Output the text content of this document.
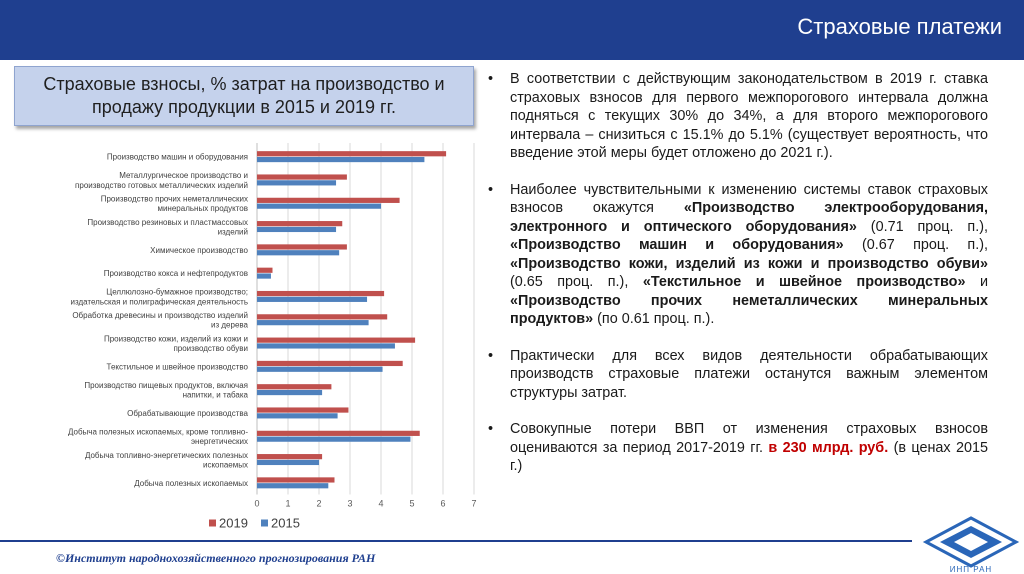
Страховые платежи
Страховые взносы, % затрат на производство и продажу продукции в 2015 и 2019 гг.
Производство машин и оборудования
Металлургическое производство и производство готовых металлических изделий
Производство прочих неметаллических минеральных продуктов
Производство резиновых и пластмассовых изделий
Химическое производство
Производство кокса и нефтепродуктов
Целлюлозно-бумажное производство; издательская и полиграфическая деятельность
Обработка древесины и производство изделий из дерева
Производство кожи, изделий из кожи и производство обуви
Текстильное и швейное производство
Производство пищевых продуктов, включая напитки, и табака
Обрабатывающие производства
Добыча полезных ископаемых, кроме топливно-энергетических
Добыча топливно-энергетических полезных ископаемых
Добыча полезных ископаемых
0	1	2	3	4	5	6	7
2019 2015
• В соответствии с действующим законодательством в 2019 г. ставка страховых взносов для первого межпорогового интервала должна подняться с текущих 30% до 34%, а для второго межпорогового интервала – снизиться с 15.1% до 5.1% (существует вероятность, что введение этой меры будет отложено до 2021 г.).
• Наиболее чувствительными к изменению системы ставок страховых взносов окажутся «Производство электрооборудования, электронного и оптического оборудования» (0.71 проц. п.), «Производство машин и оборудования» (0.67 проц. п.), «Производство кожи, изделий из кожи и производство обуви» (0.65 проц. п.), «Текстильное и швейное производство» и «Производство прочих неметаллических минеральных продуктов» (по 0.61 проц. п.).
• Практически для всех видов деятельности обрабатывающих производств страховые платежи останутся важным элементом структуры затрат.
• Совокупные потери ВВП от изменения страховых взносов оцениваются за период 2017-2019 гг. в 230 млрд. руб. (в ценах 2015 г.)
©Институт народнохозяйственного прогнозирования РАН
ИНП РАН
